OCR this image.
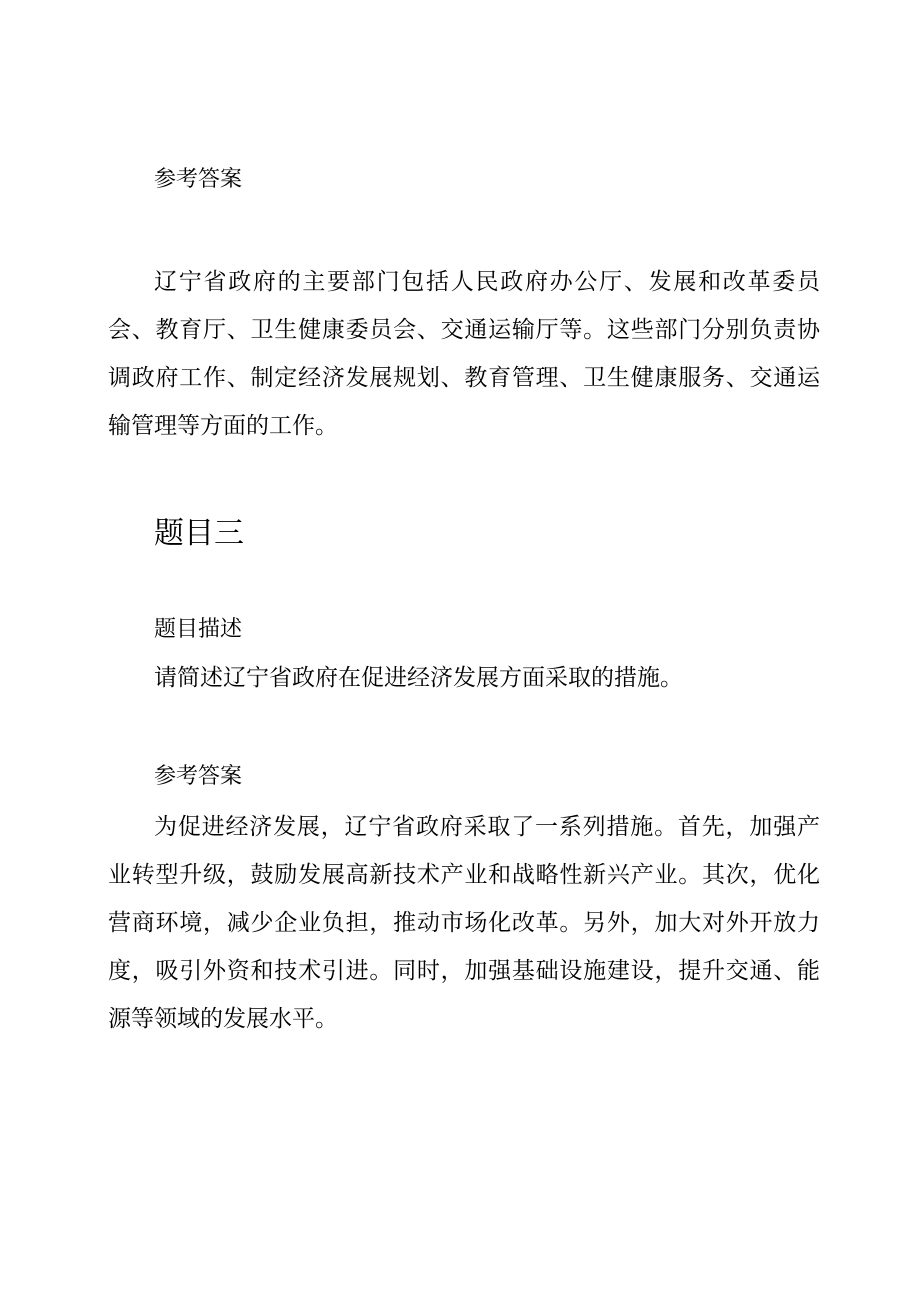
参考答案

辽宁省政府的主要部门包括人民政府办公厅、发展和改革委员会、教育厅、卫生健康委员会、交通运输厅等。这些部门分别负责协调政府工作、制定经济发展规划、教育管理、卫生健康服务、交通运输管理等方面的工作。

题目三
题目描述

请简述辽宁省政府在促进经济发展方面采取的措施。

参考答案

为促进经济发展，辽宁省政府采取了一系列措施。首先，加强产业转型升级，鼓励发展高新技术产业和战略性新兴产业。其次，优化营商环境，减少企业负担，推动市场化改革。另外，加大对外开放力度，吸引外资和技术引进。同时，加强基础设施建设，提升交通、能源等领域的发展水平。
